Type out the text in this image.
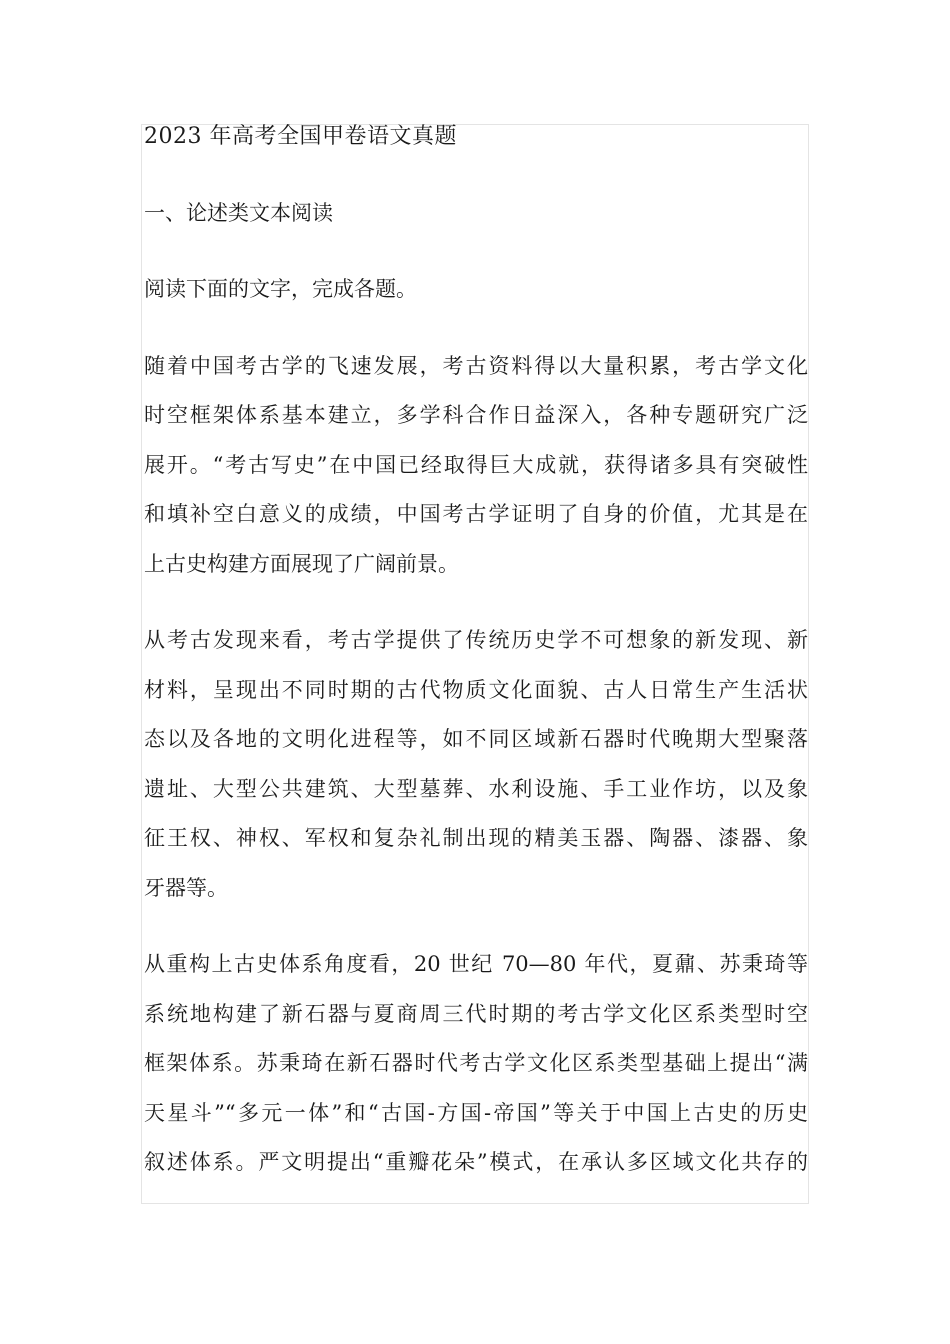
2023 年高考全国甲卷语文真题
一、论述类文本阅读
阅读下面的文字，完成各题。
随着中国考古学的飞速发展，考古资料得以大量积累，考古学文化
时空框架体系基本建立，多学科合作日益深入，各种专题研究广泛
展开。“考古写史”在中国已经取得巨大成就，获得诸多具有突破性
和填补空白意义的成绩，中国考古学证明了自身的价值，尤其是在
上古史构建方面展现了广阔前景。
从考古发现来看，考古学提供了传统历史学不可想象的新发现、新
材料，呈现出不同时期的古代物质文化面貌、古人日常生产生活状
态以及各地的文明化进程等，如不同区域新石器时代晚期大型聚落
遗址、大型公共建筑、大型墓葬、水利设施、手工业作坊，以及象
征王权、神权、军权和复杂礼制出现的精美玉器、陶器、漆器、象
牙器等。
从重构上古史体系角度看，20 世纪 70—80 年代，夏鼐、苏秉琦等
系统地构建了新石器与夏商周三代时期的考古学文化区系类型时空
框架体系。苏秉琦在新石器时代考古学文化区系类型基础上提出“满
天星斗”“多元一体”和“古国-方国-帝国”等关于中国上古史的历史
叙述体系。严文明提出“重瓣花朵”模式，在承认多区域文化共存的
